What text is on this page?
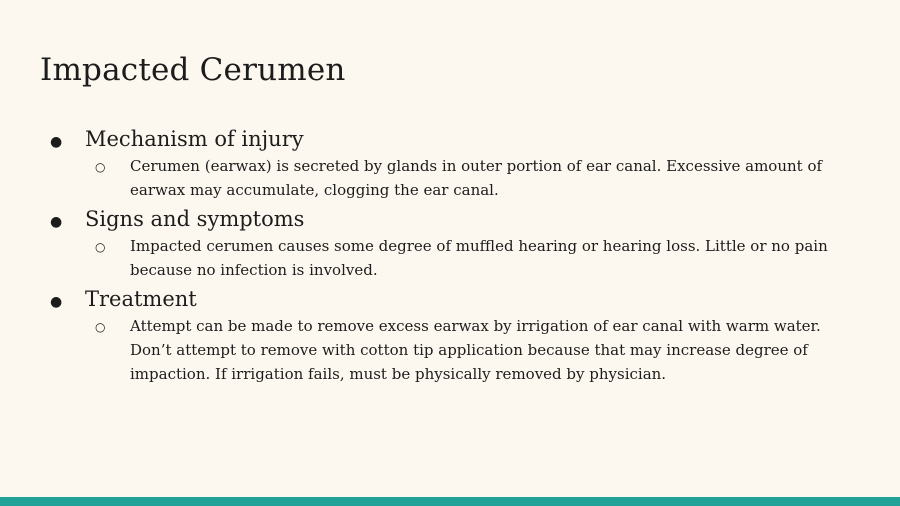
Impacted Cerumen
●	Mechanism of injury
○	Cerumen (earwax) is secreted by glands in outer portion of ear canal. Excessive amount of earwax may accumulate, clogging the ear canal.
●	Signs and symptoms
○	Impacted cerumen causes some degree of muffled hearing or hearing loss. Little or no pain because no infection is involved.
●	Treatment
○	Attempt can be made to remove excess earwax by irrigation of ear canal with warm water. Don’t attempt to remove with cotton tip application because that may increase degree of impaction. If irrigation fails, must be physically removed by physician.
